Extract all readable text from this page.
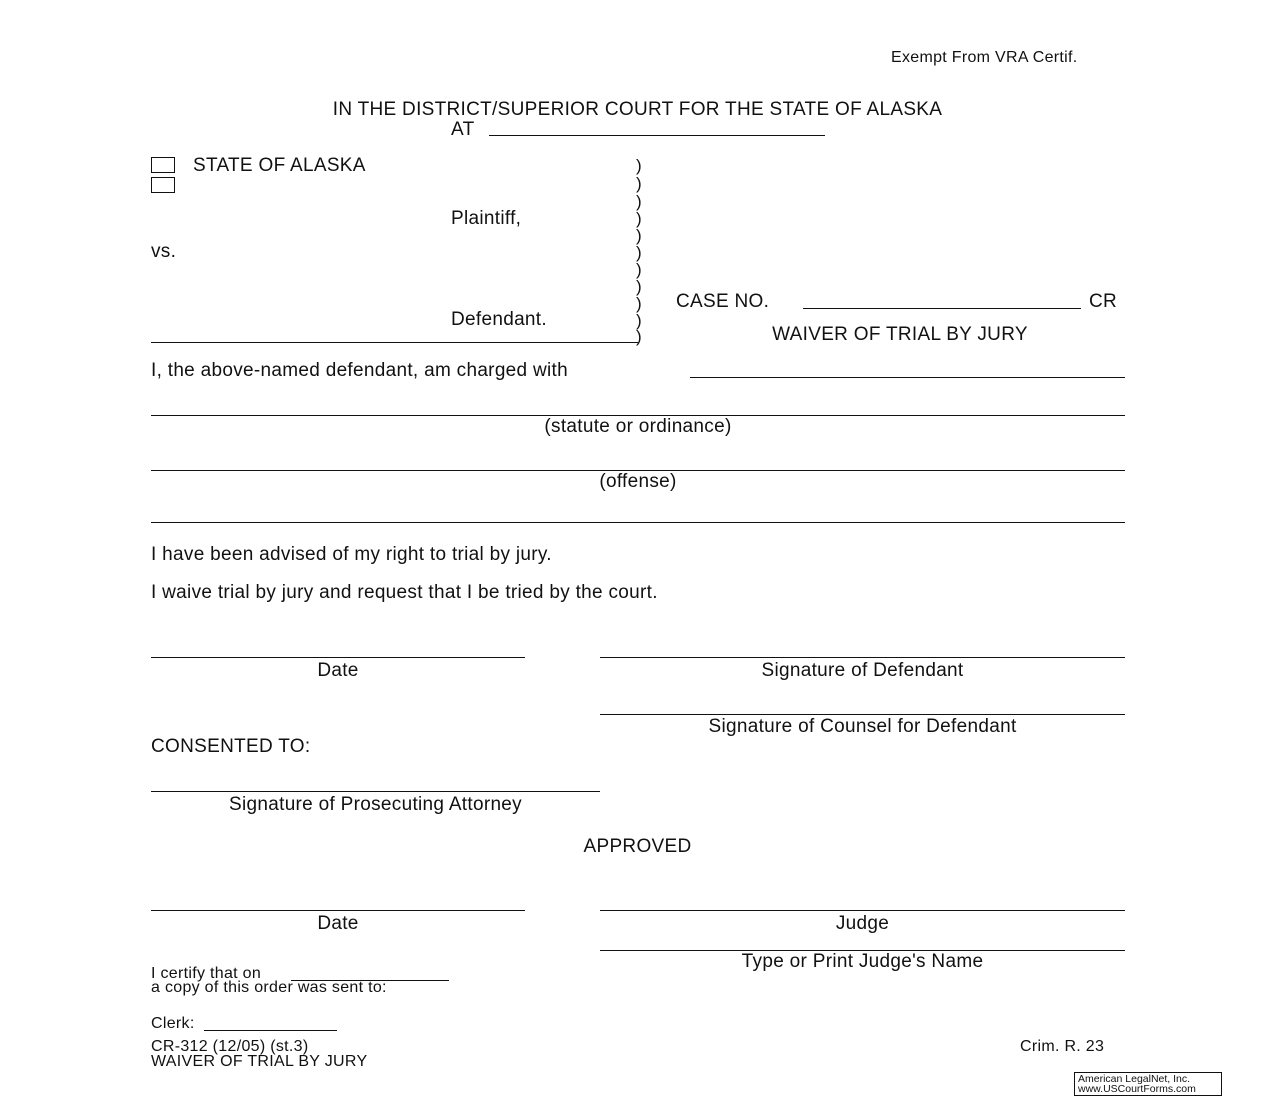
Exempt From VRA Certif.
IN THE DISTRICT/SUPERIOR COURT FOR THE STATE OF ALASKA
AT
STATE OF ALASKA
Plaintiff,
vs.
Defendant.
)
)
)
)
)
)
)
)
)
)
)
CASE NO.	CR
WAIVER OF TRIAL BY JURY
I, the above-named defendant, am charged with
(statute or ordinance)
(offense)
I have been advised of my right to trial by jury.
I waive trial by jury and request that I be tried by the court.
Date	Signature of Defendant
Signature of Counsel for Defendant
CONSENTED TO:
Signature of Prosecuting Attorney
APPROVED
Date	Judge
Type or Print Judge's Name
I certify that on
a copy of this order was sent to:
Clerk:
CR-312 (12/05) (st.3)
WAIVER OF TRIAL BY JURY
Crim. R. 23
American LegalNet, Inc.
www.USCourtForms.com
